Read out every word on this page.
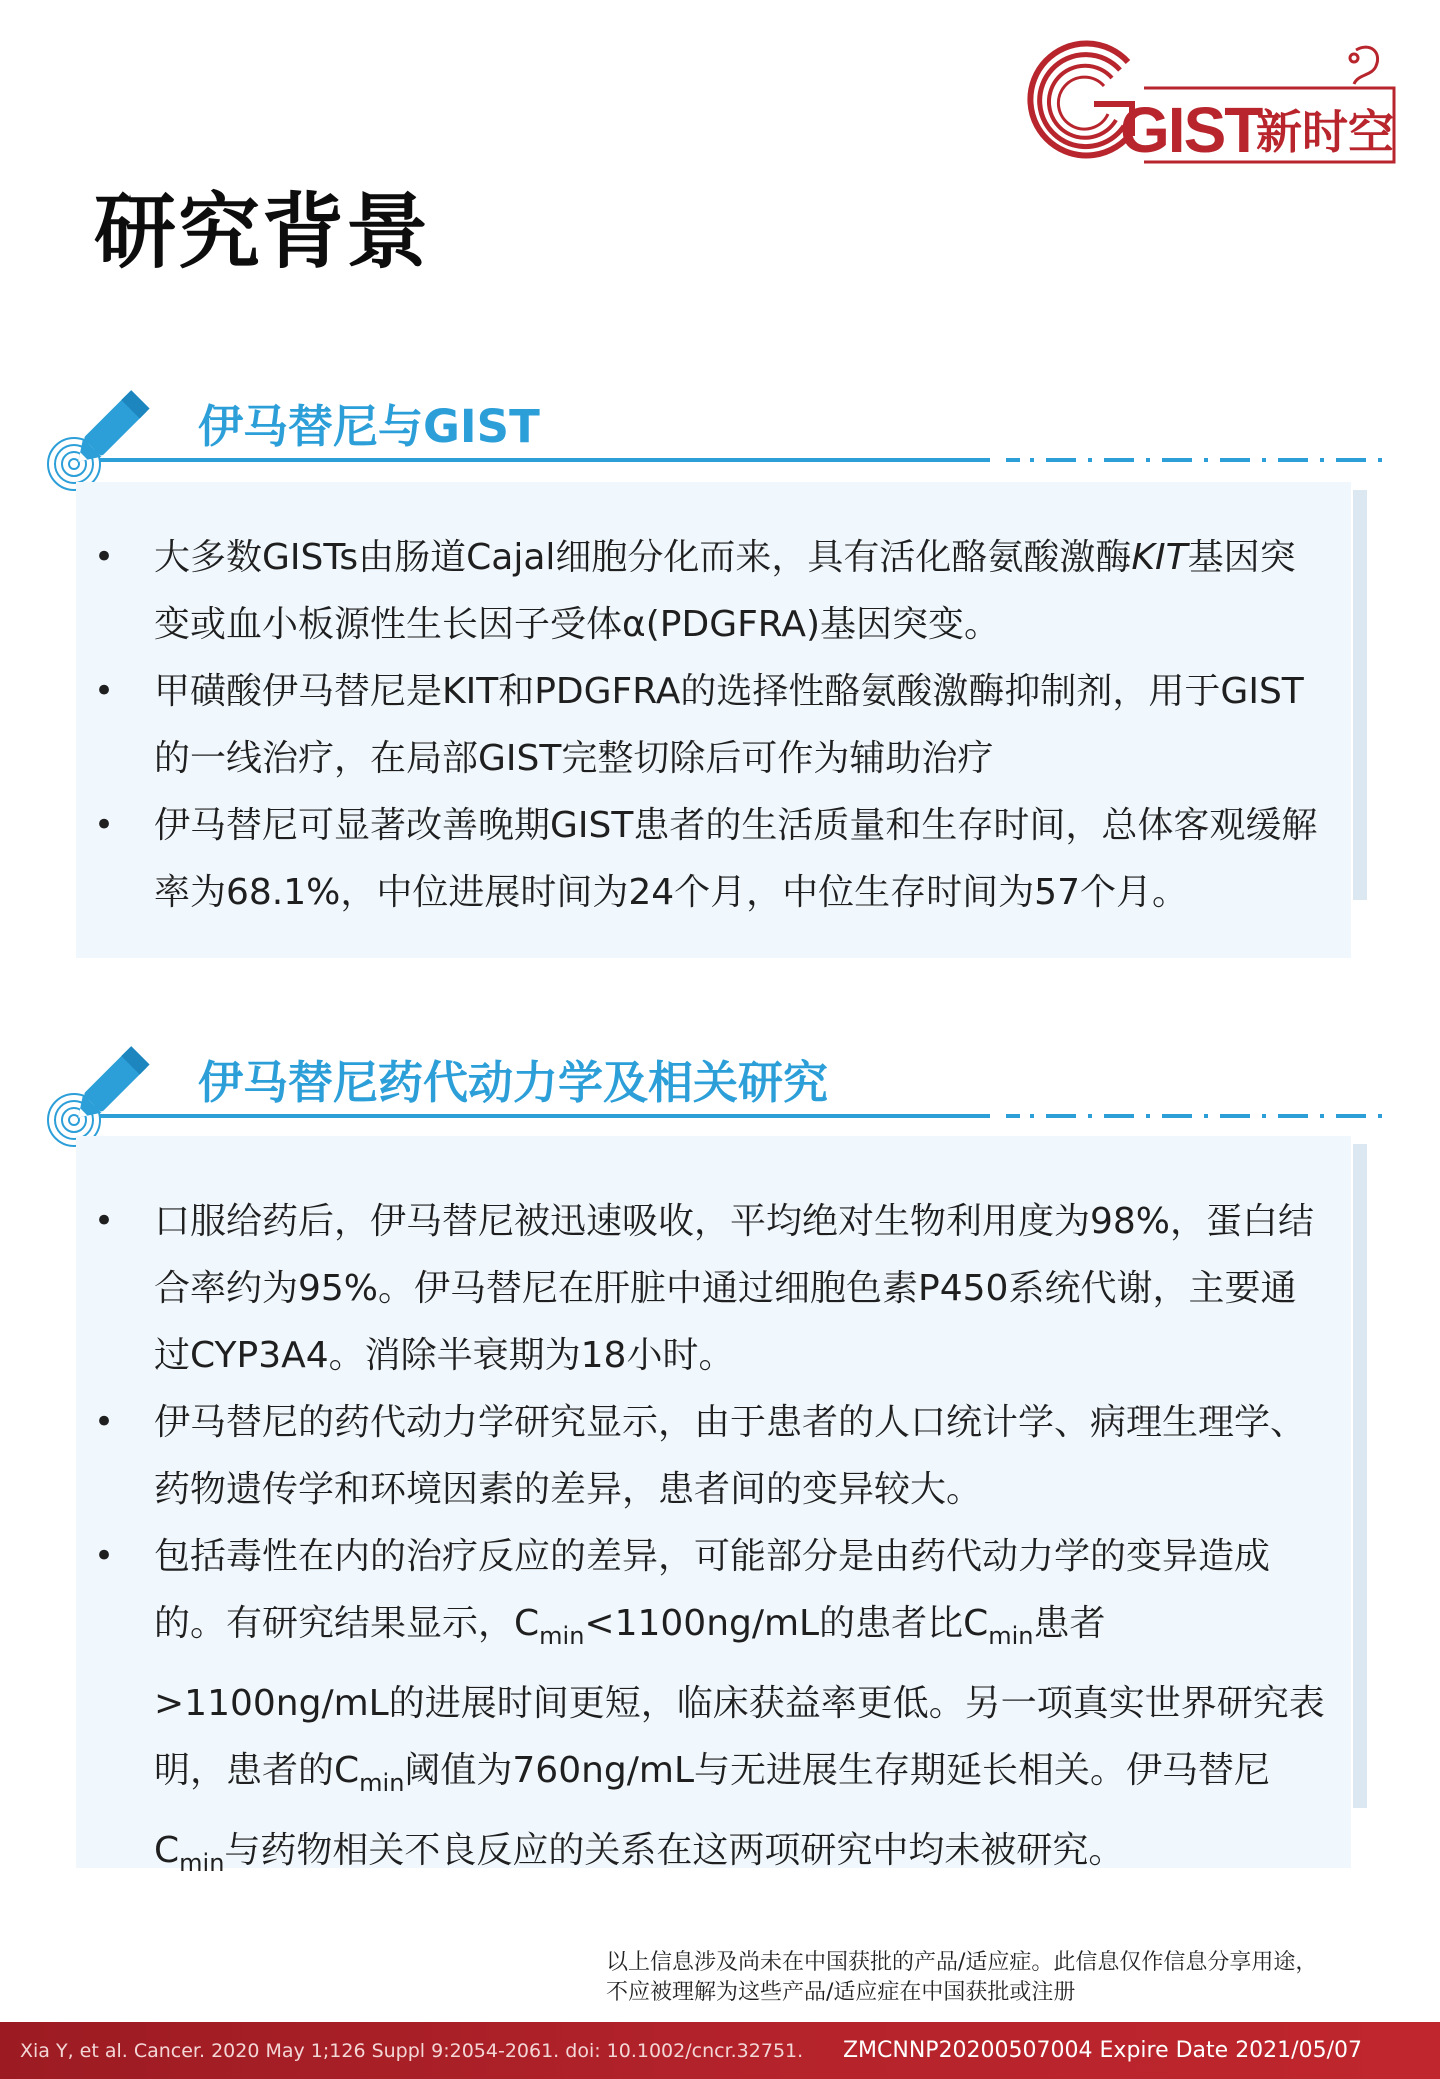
GIST
新时空
研究背景
伊马替尼与GIST
• 大多数GISTs由肠道Cajal细胞分化而来，具有活化酪氨酸激酶KIT基因突变或血小板源性生长因子受体α(PDGFRA)基因突变。
• 甲磺酸伊马替尼是KIT和PDGFRA的选择性酪氨酸激酶抑制剂，用于GIST的一线治疗，在局部GIST完整切除后可作为辅助治疗
• 伊马替尼可显著改善晚期GIST患者的生活质量和生存时间，总体客观缓解率为68.1%，中位进展时间为24个月，中位生存时间为57个月。
伊马替尼药代动力学及相关研究
• 口服给药后，伊马替尼被迅速吸收，平均绝对生物利用度为98%，蛋白结合率约为95%。伊马替尼在肝脏中通过细胞色素P450系统代谢，主要通过CYP3A4。消除半衰期为18小时。
• 伊马替尼的药代动力学研究显示，由于患者的人口统计学、病理生理学、药物遗传学和环境因素的差异，患者间的变异较大。
• 包括毒性在内的治疗反应的差异，可能部分是由药代动力学的变异造成的。有研究结果显示，$C_{min}<1100ng/mL$的患者比$C_{min}$患者>1100ng/mL的进展时间更短，临床获益率更低。另一项真实世界研究表明，患者的$C_{min}$阈值为760ng/mL与无进展生存期延长相关。伊马替尼$C_{min}$与药物相关不良反应的关系在这两项研究中均未被研究。
以上信息涉及尚未在中国获批的产品/适应症。此信息仅作信息分享用途，
不应被理解为这些产品/适应症在中国获批或注册
Xia Y, et al. Cancer. 2020 May 1;126 Suppl 9:2054-2061. doi: 10.1002/cncr.32751. ZMCNNP20200507004 Expire Date 2021/05/07
